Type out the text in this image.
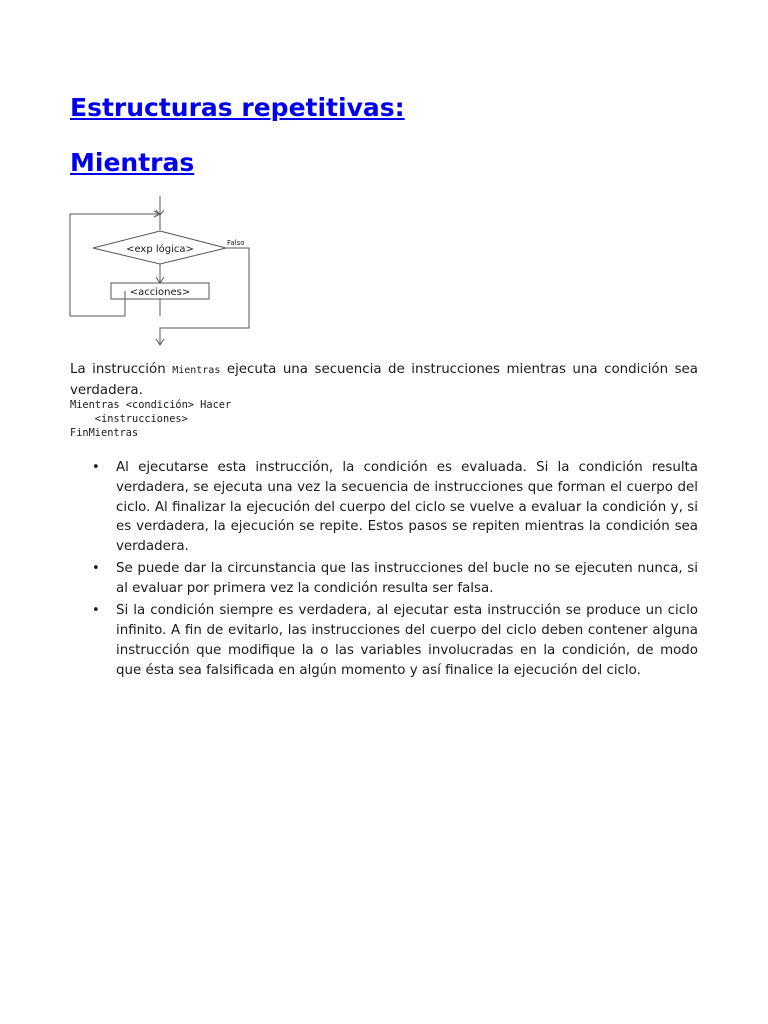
Estructuras repetitivas:
Mientras
<exp lógica>
<acciones>
Falso

La instrucción Mientras ejecuta una secuencia de instrucciones mientras una condición sea verdadera.

Mientras <condición> Hacer
<instrucciones>
FinMientras
• Al ejecutarse esta instrucción, la condición es evaluada. Si la condición resulta verdadera, se ejecuta una vez la secuencia de instrucciones que forman el cuerpo del ciclo. Al finalizar la ejecución del cuerpo del ciclo se vuelve a evaluar la condición y, si es verdadera, la ejecución se repite. Estos pasos se repiten mientras la condición sea verdadera.
• Se puede dar la circunstancia que las instrucciones del bucle no se ejecuten nunca, si al evaluar por primera vez la condición resulta ser falsa.
• Si la condición siempre es verdadera, al ejecutar esta instrucción se produce un ciclo infinito. A fin de evitarlo, las instrucciones del cuerpo del ciclo deben contener alguna instrucción que modifique la o las variables involucradas en la condición, de modo que ésta sea falsificada en algún momento y así finalice la ejecución del ciclo.
